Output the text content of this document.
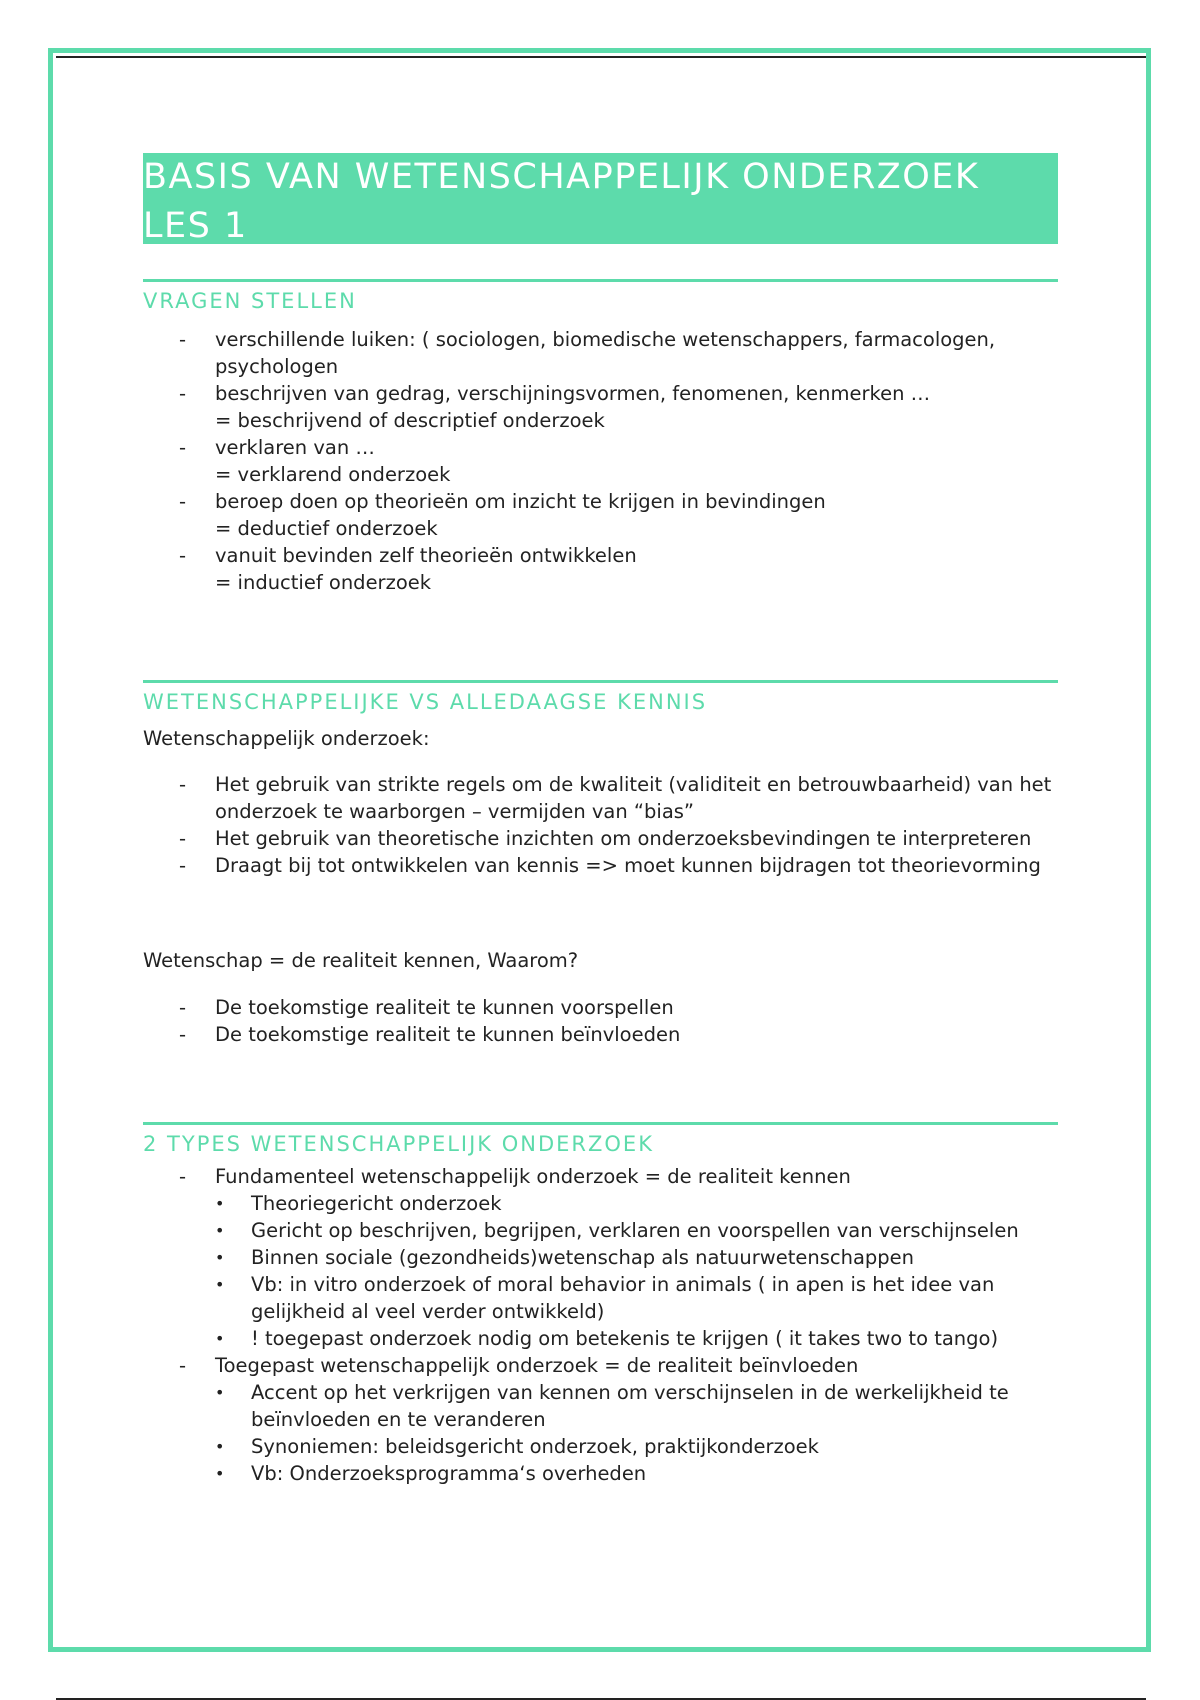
BASIS VAN WETENSCHAPPELIJK ONDERZOEK
LES 1
VRAGEN STELLEN
- verschillende luiken: ( sociologen, biomedische wetenschappers, farmacologen, psychologen
- beschrijven van gedrag, verschijningsvormen, fenomenen, kenmerken …
= beschrijvend of descriptief onderzoek
- verklaren van …
= verklarend onderzoek
- beroep doen op theorieën om inzicht te krijgen in bevindingen
= deductief onderzoek
- vanuit bevinden zelf theorieën ontwikkelen
= inductief onderzoek
WETENSCHAPPELIJKE VS ALLEDAAGSE KENNIS
Wetenschappelijk onderzoek:
- Het gebruik van strikte regels om de kwaliteit (validiteit en betrouwbaarheid) van het onderzoek te waarborgen – vermijden van “bias”
- Het gebruik van theoretische inzichten om onderzoeksbevindingen te interpreteren
- Draagt bij tot ontwikkelen van kennis => moet kunnen bijdragen tot theorievorming
Wetenschap = de realiteit kennen, Waarom?
- De toekomstige realiteit te kunnen voorspellen
- De toekomstige realiteit te kunnen beïnvloeden
2 TYPES WETENSCHAPPELIJK ONDERZOEK
- Fundamenteel wetenschappelijk onderzoek = de realiteit kennen
• Theoriegericht onderzoek
• Gericht op beschrijven, begrijpen, verklaren en voorspellen van verschijnselen
• Binnen sociale (gezondheids)wetenschap als natuurwetenschappen
• Vb: in vitro onderzoek of moral behavior in animals ( in apen is het idee van gelijkheid al veel verder ontwikkeld)
• ! toegepast onderzoek nodig om betekenis te krijgen ( it takes two to tango)
- Toegepast wetenschappelijk onderzoek = de realiteit beïnvloeden
• Accent op het verkrijgen van kennen om verschijnselen in de werkelijkheid te beïnvloeden en te veranderen
• Synoniemen: beleidsgericht onderzoek, praktijkonderzoek
• Vb: Onderzoeksprogramma‘s overheden
